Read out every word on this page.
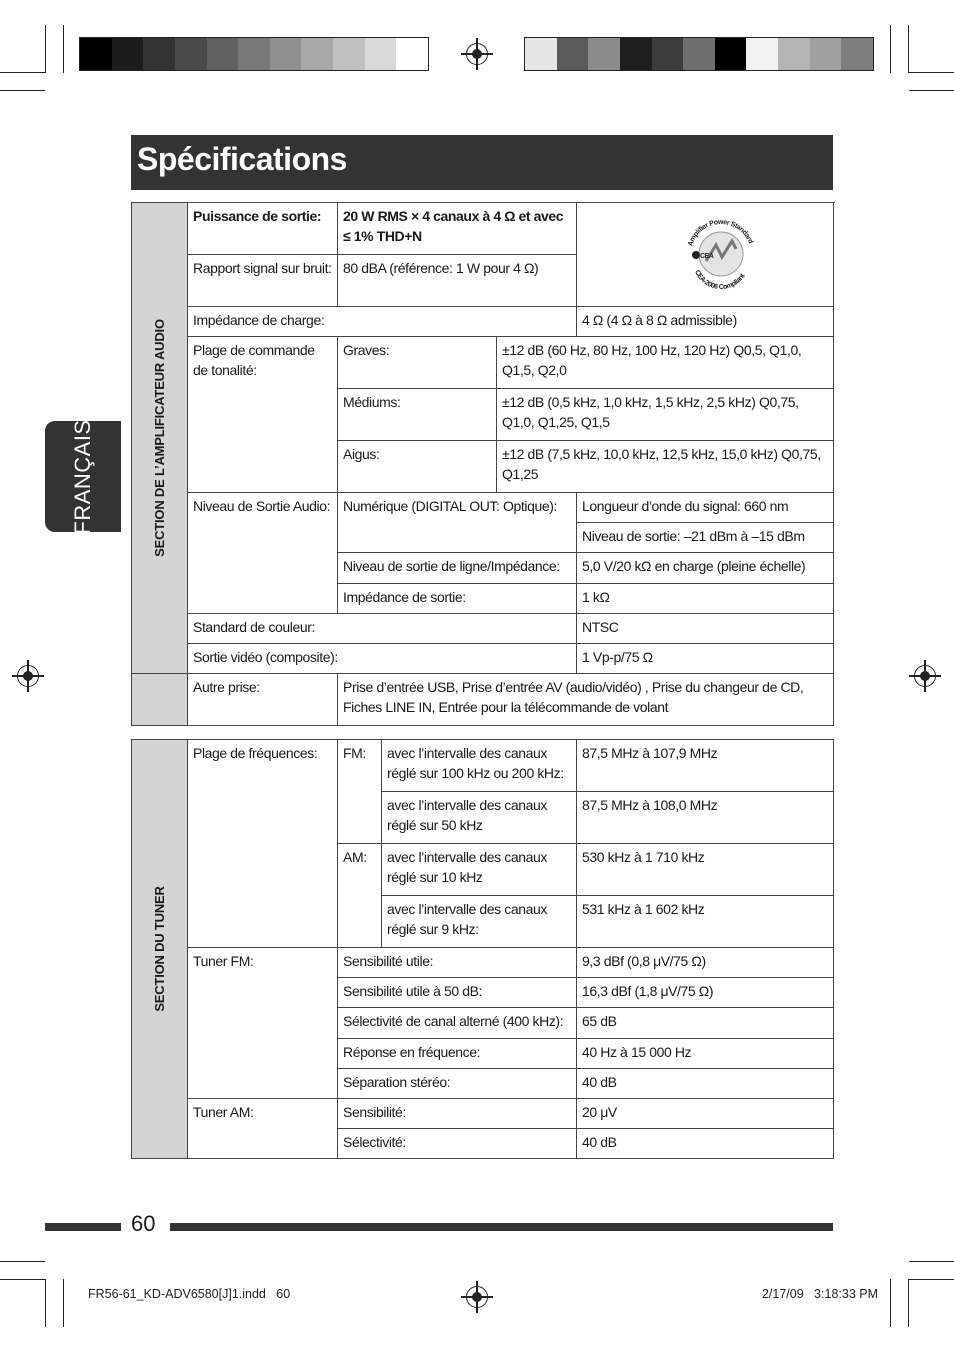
Spécifications
FRANÇAIS	SECTION DE L’AMPLIFICATEUR AUDIO	Puissance de sortie:	20 W RMS × 4 canaux à 4 Ω et avec ≤ 1% THD+N		Amplifier Power Standard
CEA-2006 Compliant
CEA

	Rapport signal sur bruit:	80 dBA (référence: 1 W pour 4 Ω)		
	Impédance de charge:			4 Ω (4 Ω à 8 Ω admissible)
	Plage de commande de tonalité:	Graves:	±12 dB (60 Hz, 80 Hz, 100 Hz, 120 Hz) Q0,5, Q1,0, Q1,5, Q2,0	
		Médiums:	±12 dB (0,5 kHz, 1,0 kHz, 1,5 kHz, 2,5 kHz) Q0,75, Q1,0, Q1,25, Q1,5	
		Aigus:	±12 dB (7,5 kHz, 10,0 kHz, 12,5 kHz, 15,0 kHz) Q0,75, Q1,25	
	Niveau de Sortie Audio:	Numérique (DIGITAL OUT: Optique):		Longueur d’onde du signal: 660 nm
				Niveau de sortie: –21 dBm à –15 dBm
		Niveau de sortie de ligne/Impédance:		5,0 V/20 kΩ en charge (pleine échelle)
		Impédance de sortie:		1 kΩ
	Standard de couleur:			NTSC
	Sortie vidéo (composite):			1 Vp-p/75 Ω
	Autre prise:	Prise d’entrée USB, Prise d’entrée AV (audio/vidéo) , Prise du changeur de CD, Fiches LINE IN, Entrée pour la télécommande de volant		
SECTION DU TUNER	Plage de fréquences:	FM:	avec l’intervalle des canaux réglé sur 100 kHz ou 200 kHz:	87,5 MHz à 107,9 MHz
			avec l’intervalle des canaux réglé sur 50 kHz	87,5 MHz à 108,0 MHz
		AM:	avec l’intervalle des canaux réglé sur 10 kHz	530 kHz à 1 710 kHz
			avec l’intervalle des canaux réglé sur 9 kHz:	531 kHz à 1 602 kHz
	Tuner FM:	Sensibilité utile:		9,3 dBf (0,8 μV/75 Ω)
		Sensibilité utile à 50 dB:		16,3 dBf (1,8 μV/75 Ω)
		Sélectivité de canal alterné (400 kHz):		65 dB
		Réponse en fréquence:		40 Hz à 15 000 Hz
		Séparation stéréo:		40 dB
	Tuner AM:	Sensibilité:		20 μV
		Sélectivité:		40 dB
60
FR56-61_KD-ADV6580[J]1.indd   60	2/17/09   3:18:33 PM
